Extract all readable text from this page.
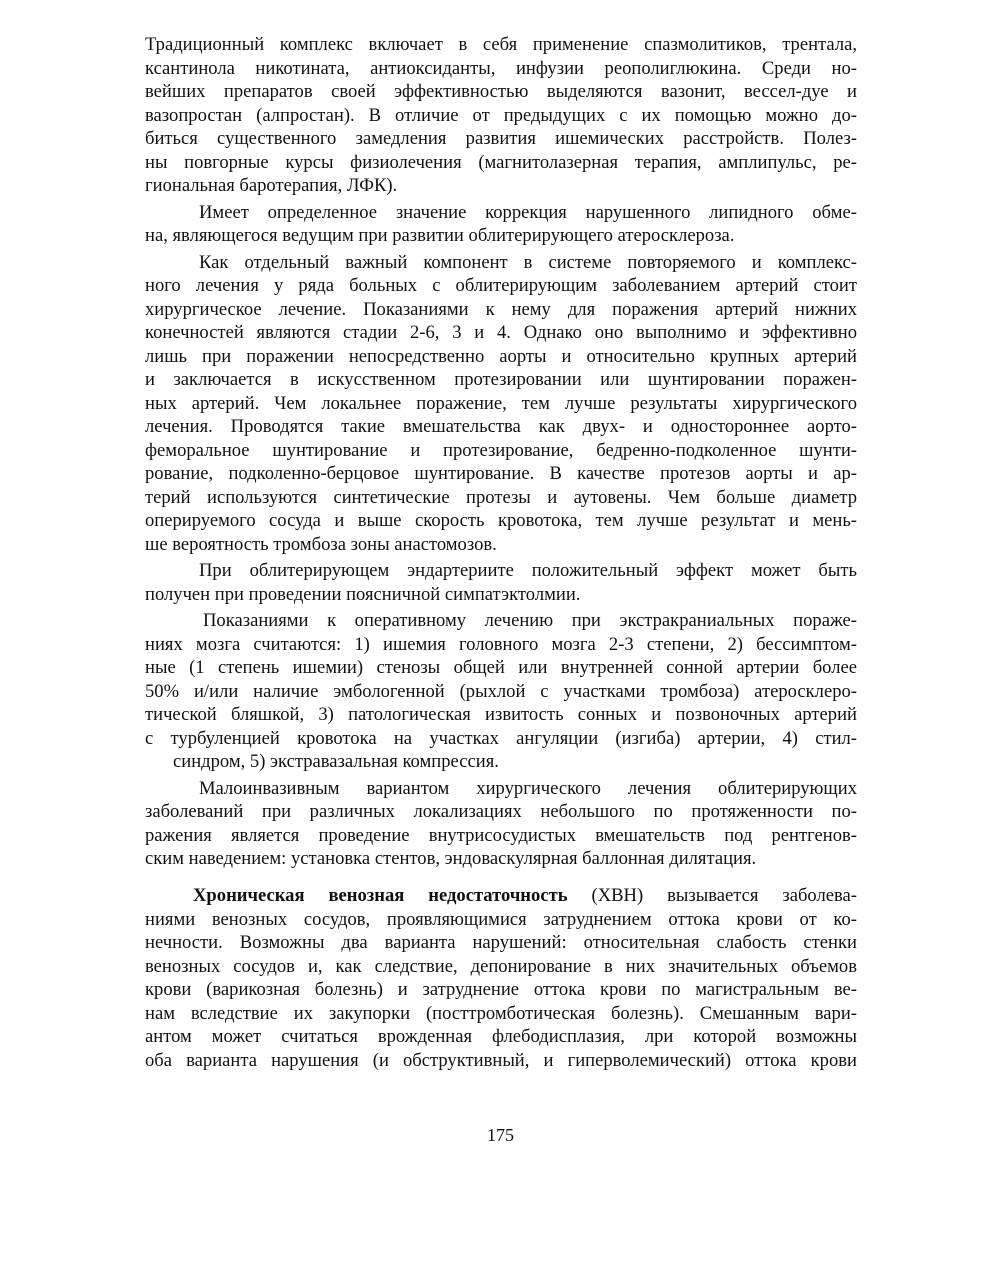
Традиционный комплекс включает в себя применение спазмолитиков, трентала,
ксантинола никотината, антиоксиданты, инфузии реополиглюкина. Среди но-
вейших препаратов своей эффективностью выделяются вазонит, вессел-дуе и
вазопростан (алпростан). В отличие от предыдущих с их помощью можно до-
биться существенного замедления развития ишемических расстройств. Полез-
ны повгорные курсы физиолечения (магнитолазерная терапия, амплипульс, ре-
гиональная баротерапия, ЛФК).
Имеет определенное значение коррекция нарушенного липидного обме-
на, являющегося ведущим при развитии облитерирующего атеросклероза.
Как отдельный важный компонент в системе повторяемого и комплекс-
ного лечения у ряда больных с облитерирующим заболеванием артерий стоит
хирургическое лечение. Показаниями к нему для поражения артерий нижних
конечностей являются стадии 2-6, 3 и 4. Однако оно выполнимо и эффективно
лишь при поражении непосредственно аорты и относительно крупных артерий
и заключается в искусственном протезировании или шунтировании поражен-
ных артерий. Чем локальнее поражение, тем лучше результаты хирургического
лечения. Проводятся такие вмешательства как двух- и одностороннее аорто-
феморальное шунтирование и протезирование, бедренно-подколенное шунти-
рование, подколенно-берцовое шунтирование. В качестве протезов аорты и ар-
терий используются синтетические протезы и аутовены. Чем больше диаметр
оперируемого сосуда и выше скорость кровотока, тем лучше результат и мень-
ше вероятность тромбоза зоны анастомозов.
При облитерирующем эндартериите положительный эффект может быть
получен при проведении поясничной симпатэктолмии.
Показаниями к оперативному лечению при экстракраниальных пораже-
ниях мозга считаются: 1) ишемия головного мозга 2-3 степени, 2) бессимптом-
ные (1 степень ишемии) стенозы общей или внутренней сонной артерии более
50% и/или наличие эмбологенной (рыхлой с участками тромбоза) атеросклеро-
тической бляшкой, 3) патологическая извитость сонных и позвоночных артерий
с турбуленцией кровотока на участках ангуляции (изгиба) артерии, 4) стил-
синдром, 5) экстравазальная компрессия.
Малоинвазивным вариантом хирургического лечения облитерирующих
заболеваний при различных локализациях небольшого по протяженности по-
ражения является проведение внутрисосудистых вмешательств под рентгенов-
ским наведением: установка стентов, эндоваскулярная баллонная дилятация.
Хроническая венозная недостаточность (ХВН) вызывается заболева-
ниями венозных сосудов, проявляющимися затруднением оттока крови от ко-
нечности. Возможны два варианта нарушений: относительная слабость стенки
венозных сосудов и, как следствие, депонирование в них значительных объемов
крови (варикозная болезнь) и затруднение оттока крови по магистральным ве-
нам вследствие их закупорки (посттромботическая болезнь). Смешанным вари-
антом может считаться врожденная флебодисплазия, лри которой возможны
оба варианта нарушения (и обструктивный, и гиперволемический) оттока крови
175
